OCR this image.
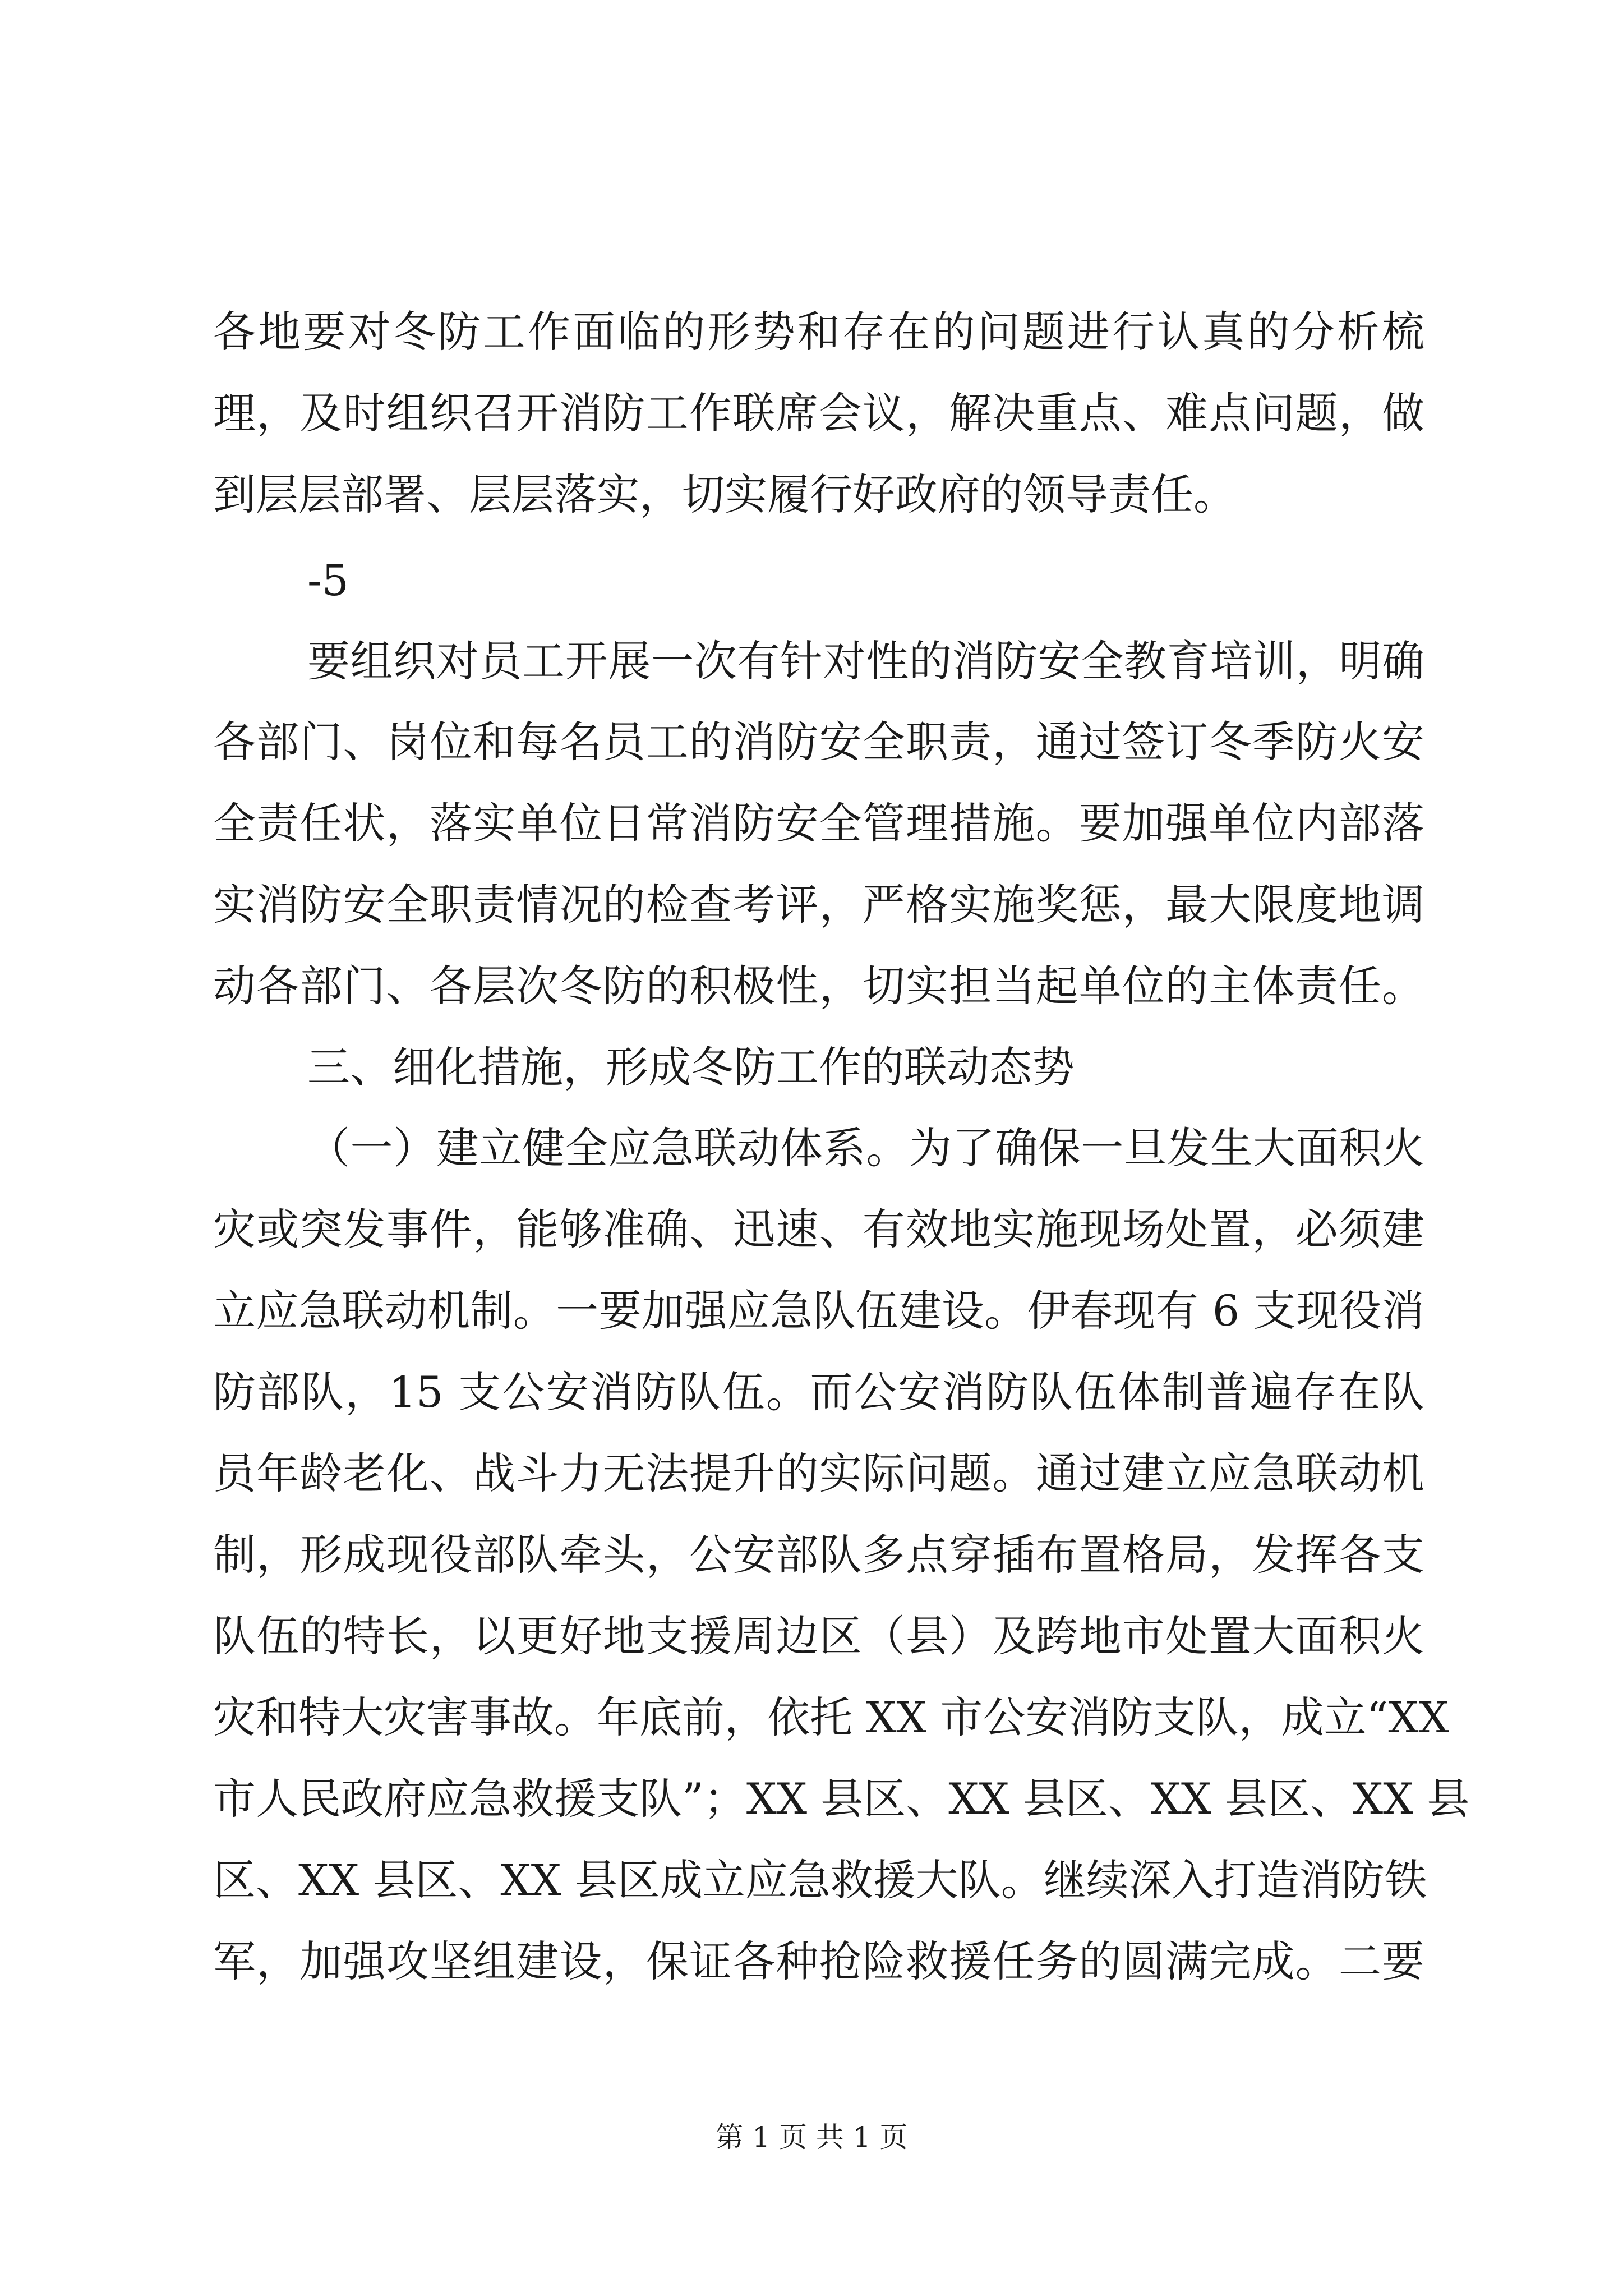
各地要对冬防工作面临的形势和存在的问题进行认真的分析梳
理，及时组织召开消防工作联席会议，解决重点、难点问题，做
到层层部署、层层落实，切实履行好政府的领导责任。
-5
要组织对员工开展一次有针对性的消防安全教育培训，明确
各部门、岗位和每名员工的消防安全职责，通过签订冬季防火安
全责任状，落实单位日常消防安全管理措施。要加强单位内部落
实消防安全职责情况的检查考评，严格实施奖惩，最大限度地调
动各部门、各层次冬防的积极性，切实担当起单位的主体责任。
三、细化措施，形成冬防工作的联动态势
（一）建立健全应急联动体系。为了确保一旦发生大面积火
灾或突发事件，能够准确、迅速、有效地实施现场处置，必须建
立应急联动机制。一要加强应急队伍建设。伊春现有 6 支现役消
防部队，15 支公安消防队伍。而公安消防队伍体制普遍存在队
员年龄老化、战斗力无法提升的实际问题。通过建立应急联动机
制，形成现役部队牵头，公安部队多点穿插布置格局，发挥各支
队伍的特长，以更好地支援周边区（县）及跨地市处置大面积火
灾和特大灾害事故。年底前，依托 XX 市公安消防支队，成立“XX
市人民政府应急救援支队”；XX 县区、XX 县区、XX 县区、XX 县
区、XX 县区、XX 县区成立应急救援大队。继续深入打造消防铁
军，加强攻坚组建设，保证各种抢险救援任务的圆满完成。二要
第 1 页 共 1 页
